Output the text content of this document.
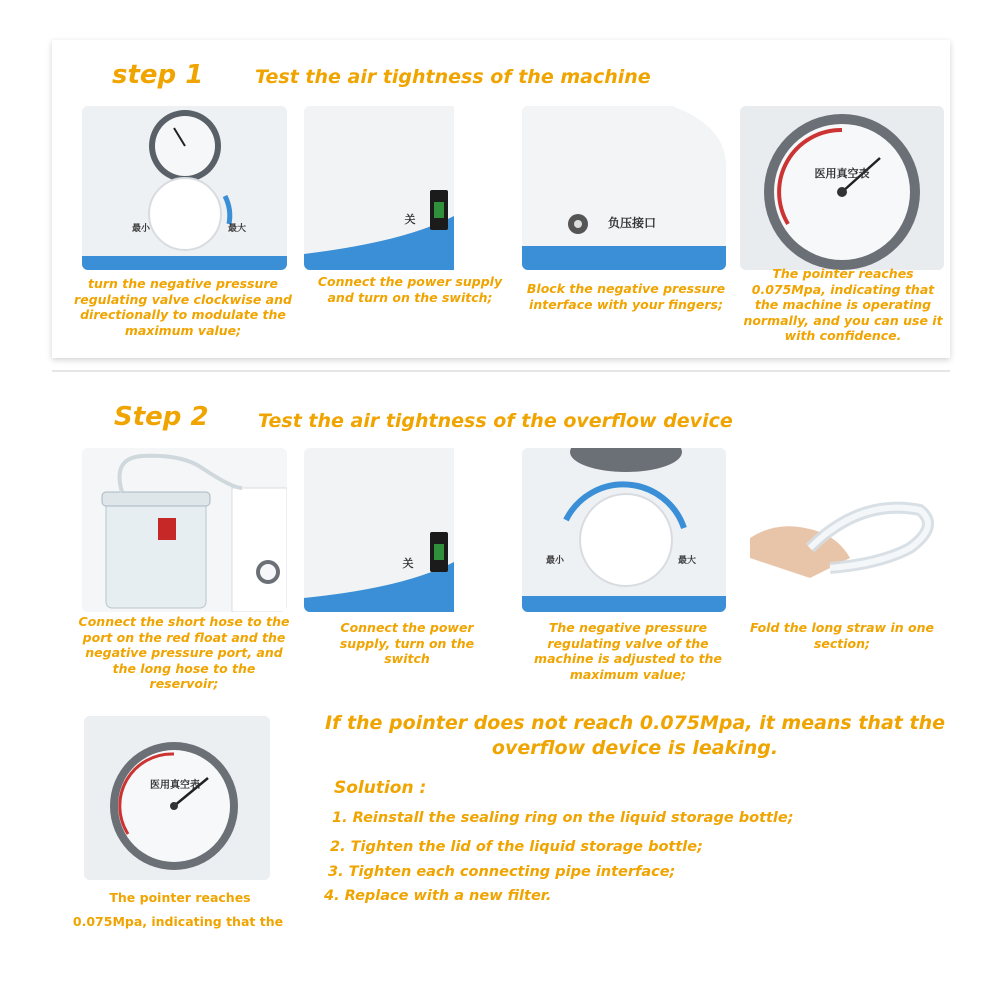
step 1	Test the air tightness of the machine
最小	最大
关	负压接口
医用真空表
turn the negative pressure regulating valve clockwise and directionally to modulate the maximum value;
Connect the power supply and turn on the switch;
Block the negative pressure interface with your fingers;
The pointer reaches 0.075Mpa, indicating that the machine is operating normally, and you can use it with confidence.
Step 2	Test the air tightness of the overflow device
关	最小	最大
Connect the short hose to the port on the red float and the negative pressure port, and the long hose to the reservoir;
Connect the power supply, turn on the switch
The negative pressure regulating valve of the machine is adjusted to the maximum value;
Fold the long straw in one section;
医用真空表
The pointer reaches
0.075Mpa, indicating that the
If the pointer does not reach 0.075Mpa, it means that the overflow device is leaking.
Solution :
1. Reinstall the sealing ring on the liquid storage bottle;
2. Tighten the lid of the liquid storage bottle;
3. Tighten each connecting pipe interface;
4. Replace with a new filter.
